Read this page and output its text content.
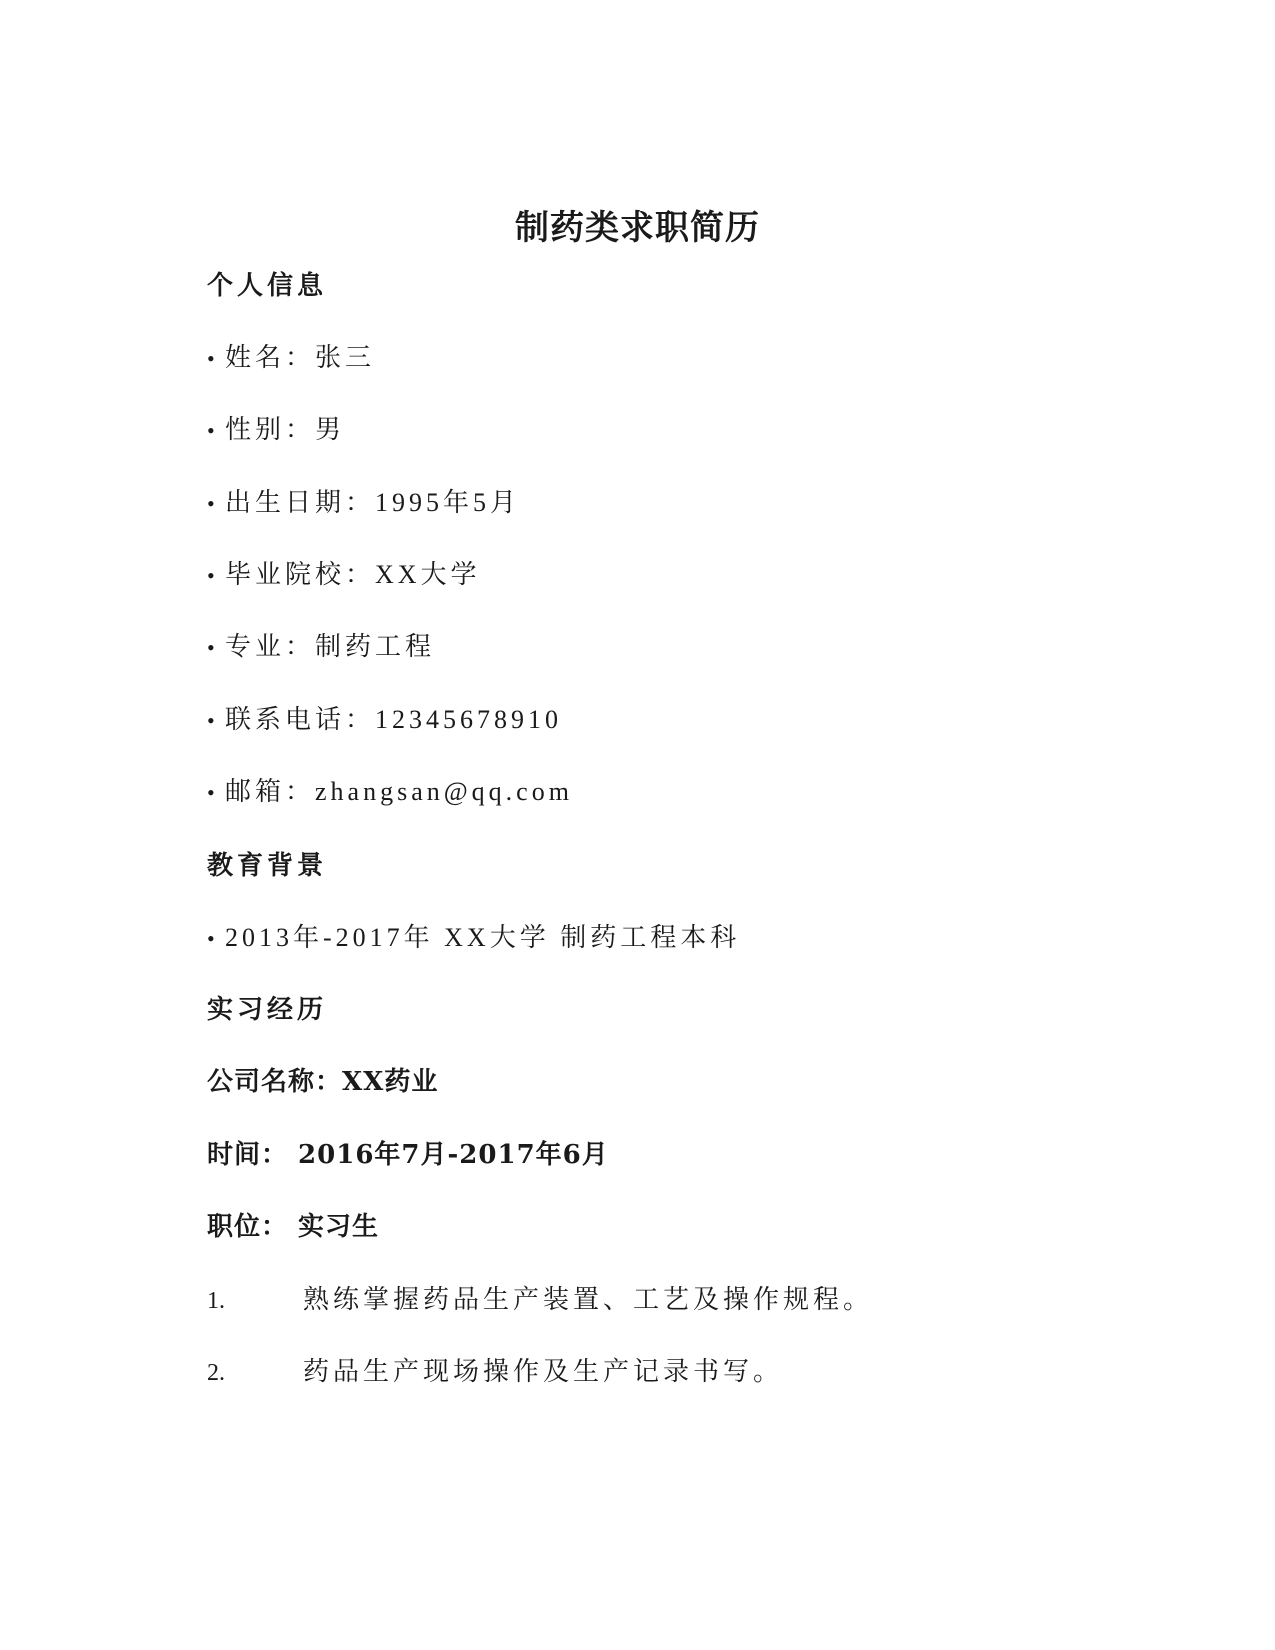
制药类求职简历
个人信息
• 姓名：张三
• 性别：男
• 出生日期：1995年5月
• 毕业院校：XX大学
• 专业：制药工程
• 联系电话：12345678910
• 邮箱：zhangsan@qq.com
教育背景
• 2013年-2017年 XX大学 制药工程本科
实习经历
公司名称：XX药业
时间： 2016年7月-2017年6月
职位： 实习生
1.	熟练掌握药品生产装置、工艺及操作规程。
2.	药品生产现场操作及生产记录书写。
